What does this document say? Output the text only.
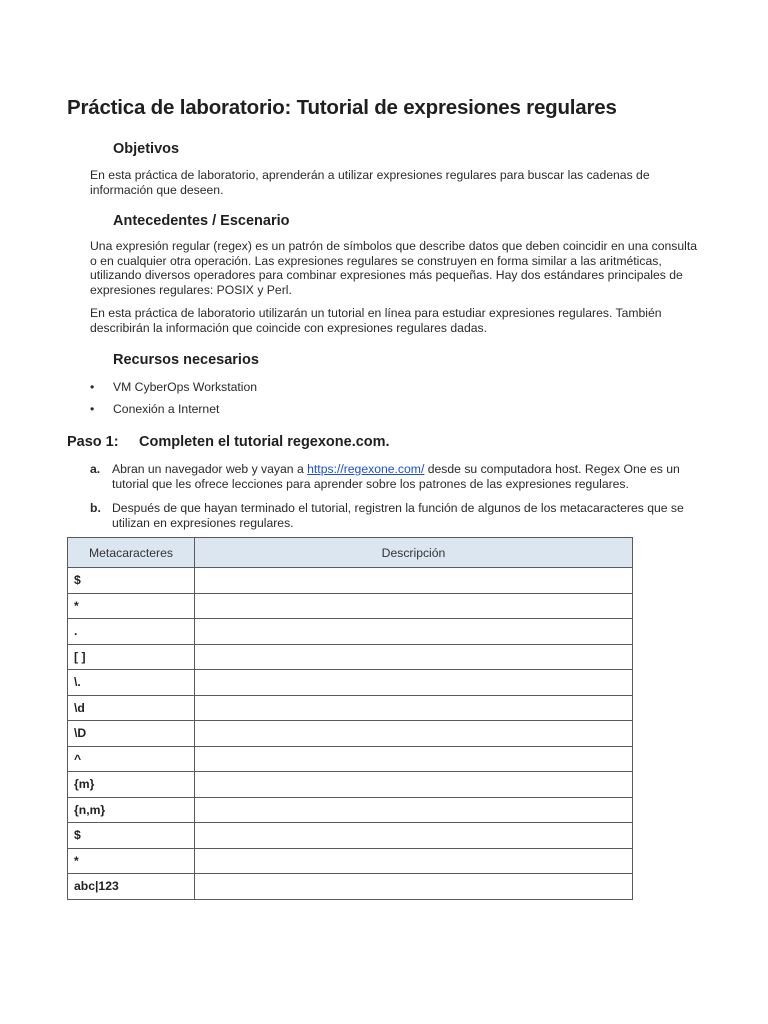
Práctica de laboratorio: Tutorial de expresiones regulares

Objetivos

En esta práctica de laboratorio, aprenderán a utilizar expresiones regulares para buscar las cadenas de información que deseen.

Antecedentes / Escenario

Una expresión regular (regex) es un patrón de símbolos que describe datos que deben coincidir en una consulta o en cualquier otra operación. Las expresiones regulares se construyen en forma similar a las aritméticas, utilizando diversos operadores para combinar expresiones más pequeñas. Hay dos estándares principales de expresiones regulares: POSIX y Perl.

En esta práctica de laboratorio utilizarán un tutorial en línea para estudiar expresiones regulares. También describirán la información que coincide con expresiones regulares dadas.

Recursos necesarios

• VM CyberOps Workstation

• Conexión a Internet

Paso 1: Completen el tutorial regexone.com.

a. Abran un navegador web y vayan a https://regexone.com/ desde su computadora host. Regex One es un tutorial que les ofrece lecciones para aprender sobre los patrones de las expresiones regulares.
b. Después de que hayan terminado el tutorial, registren la función de algunos de los metacaracteres que se utilizan en expresiones regulares.
Metacaracteres	Descripción
$	
*	
.	
[ ]	
\.	
\d	
\D	
^	
{m}	
{n,m}	
$	
*	
abc|123	
